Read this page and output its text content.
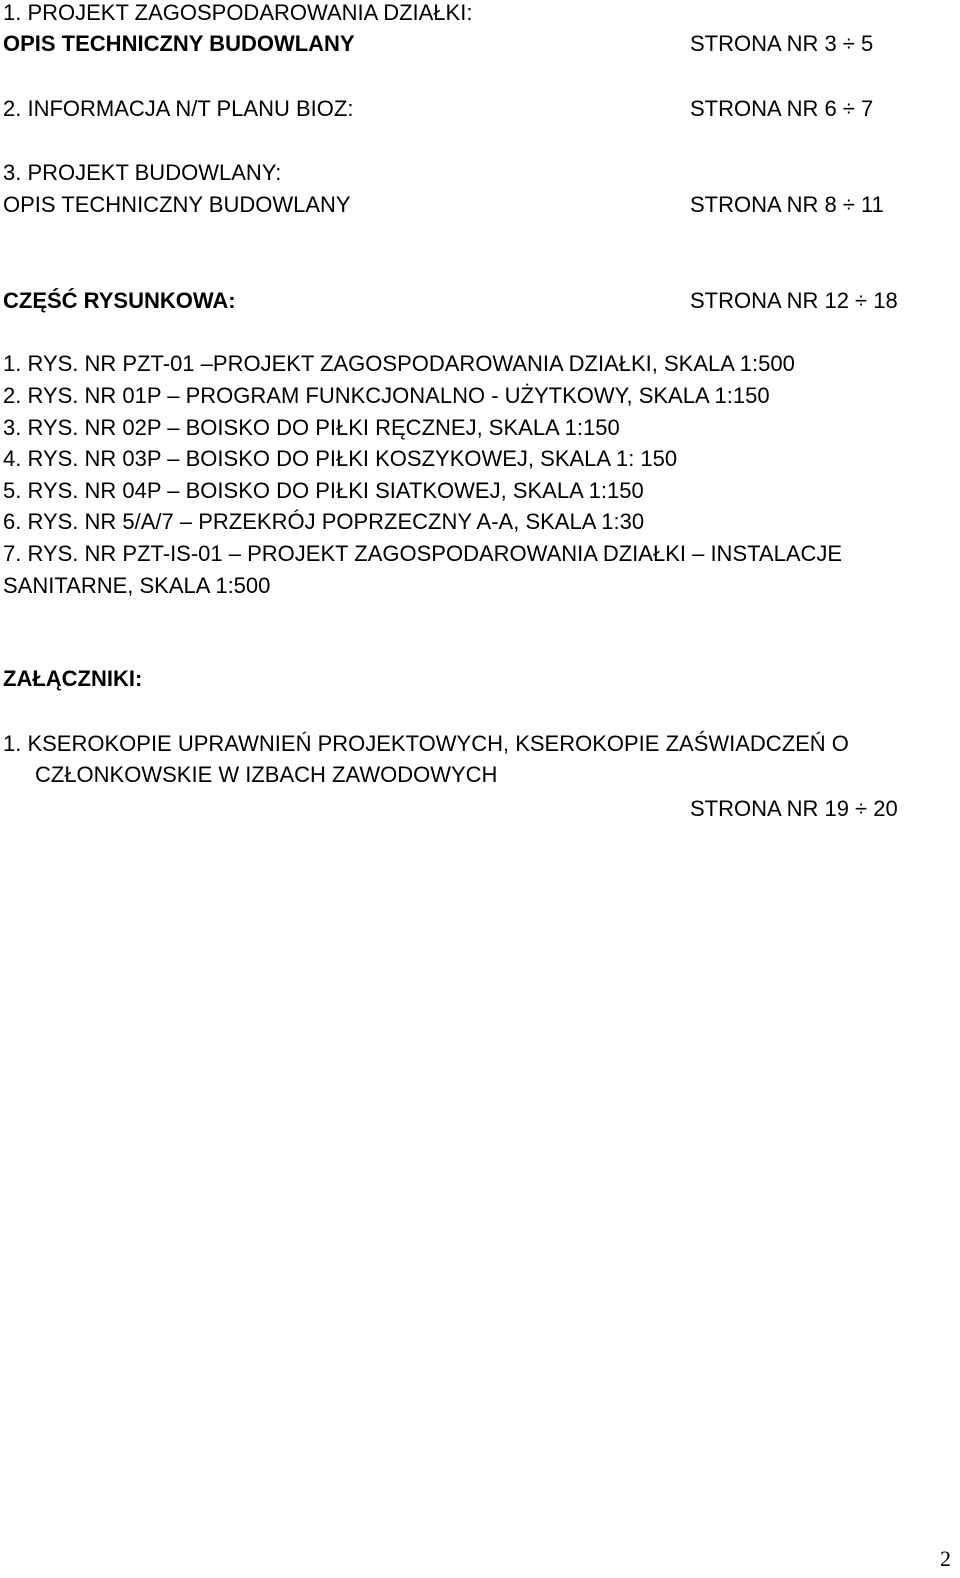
1. PROJEKT ZAGOSPODAROWANIA DZIAŁKI:
OPIS TECHNICZNY BUDOWLANY	STRONA NR 3 ÷ 5
2. INFORMACJA N/T PLANU BIOZ:	STRONA NR 6 ÷ 7
3. PROJEKT BUDOWLANY:
OPIS TECHNICZNY BUDOWLANY	STRONA NR 8 ÷ 11
CZĘŚĆ RYSUNKOWA:	STRONA NR 12 ÷ 18
1. RYS. NR PZT-01 –PROJEKT ZAGOSPODAROWANIA DZIAŁKI, SKALA 1:500
2. RYS. NR 01P – PROGRAM FUNKCJONALNO - UŻYTKOWY, SKALA 1:150
3. RYS. NR 02P – BOISKO DO PIŁKI RĘCZNEJ, SKALA 1:150
4. RYS. NR 03P – BOISKO DO PIŁKI KOSZYKOWEJ, SKALA 1: 150
5. RYS. NR 04P – BOISKO DO PIŁKI SIATKOWEJ, SKALA 1:150
6. RYS. NR 5/A/7 – PRZEKRÓJ POPRZECZNY A-A, SKALA 1:30
7. RYS. NR PZT-IS-01 – PROJEKT ZAGOSPODAROWANIA DZIAŁKI – INSTALACJE
SANITARNE, SKALA 1:500
ZAŁĄCZNIKI:
1. KSEROKOPIE UPRAWNIEŃ PROJEKTOWYCH, KSEROKOPIE ZAŚWIADCZEŃ O
CZŁONKOWSKIE W IZBACH ZAWODOWYCH
STRONA NR 19 ÷ 20
2
